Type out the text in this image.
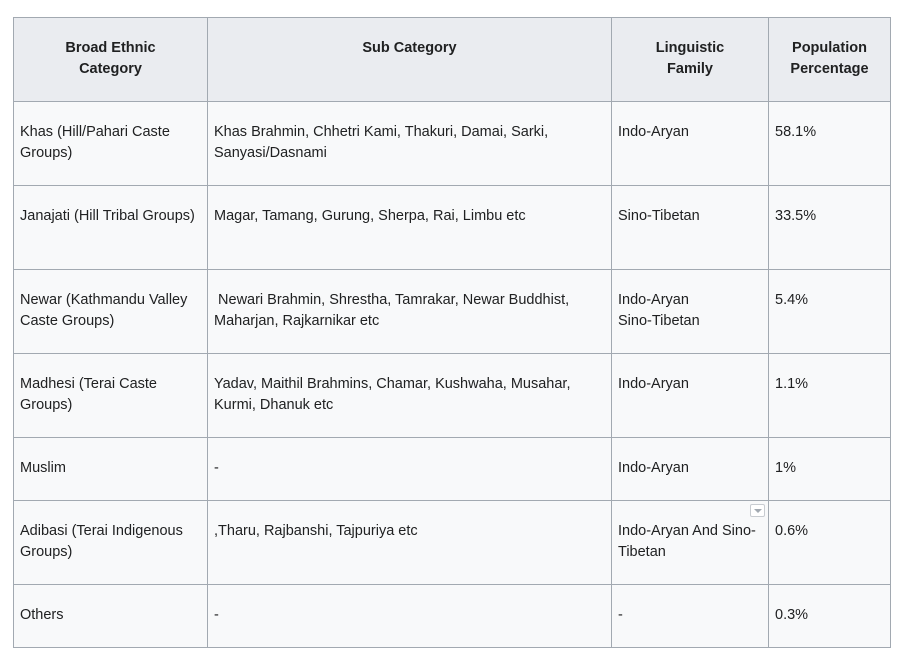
Broad Ethnic Category	Sub Category	Linguistic Family	Population Percentage
Khas (Hill/Pahari Caste Groups)	Khas Brahmin, Chhetri Kami, Thakuri, Damai, Sarki, Sanyasi/Dasnami	Indo-Aryan	58.1%
Janajati (Hill Tribal Groups)	Magar, Tamang, Gurung, Sherpa, Rai, Limbu etc	Sino-Tibetan	33.5%
Newar (Kathmandu Valley Caste Groups)	Newari Brahmin, Shrestha, Tamrakar, Newar Buddhist, Maharjan, Rajkarnikar etc	Indo-Aryan Sino-Tibetan	5.4%
Madhesi (Terai Caste Groups)	Yadav, Maithil Brahmins, Chamar, Kushwaha, Musahar, Kurmi, Dhanuk etc	Indo-Aryan	1.1%
Muslim	-	Indo-Aryan	1%
Adibasi (Terai Indigenous Groups)	,Tharu, Rajbanshi, Tajpuriya etc	Indo-Aryan And Sino-Tibetan	0.6%
Others	-	-	0.3%
